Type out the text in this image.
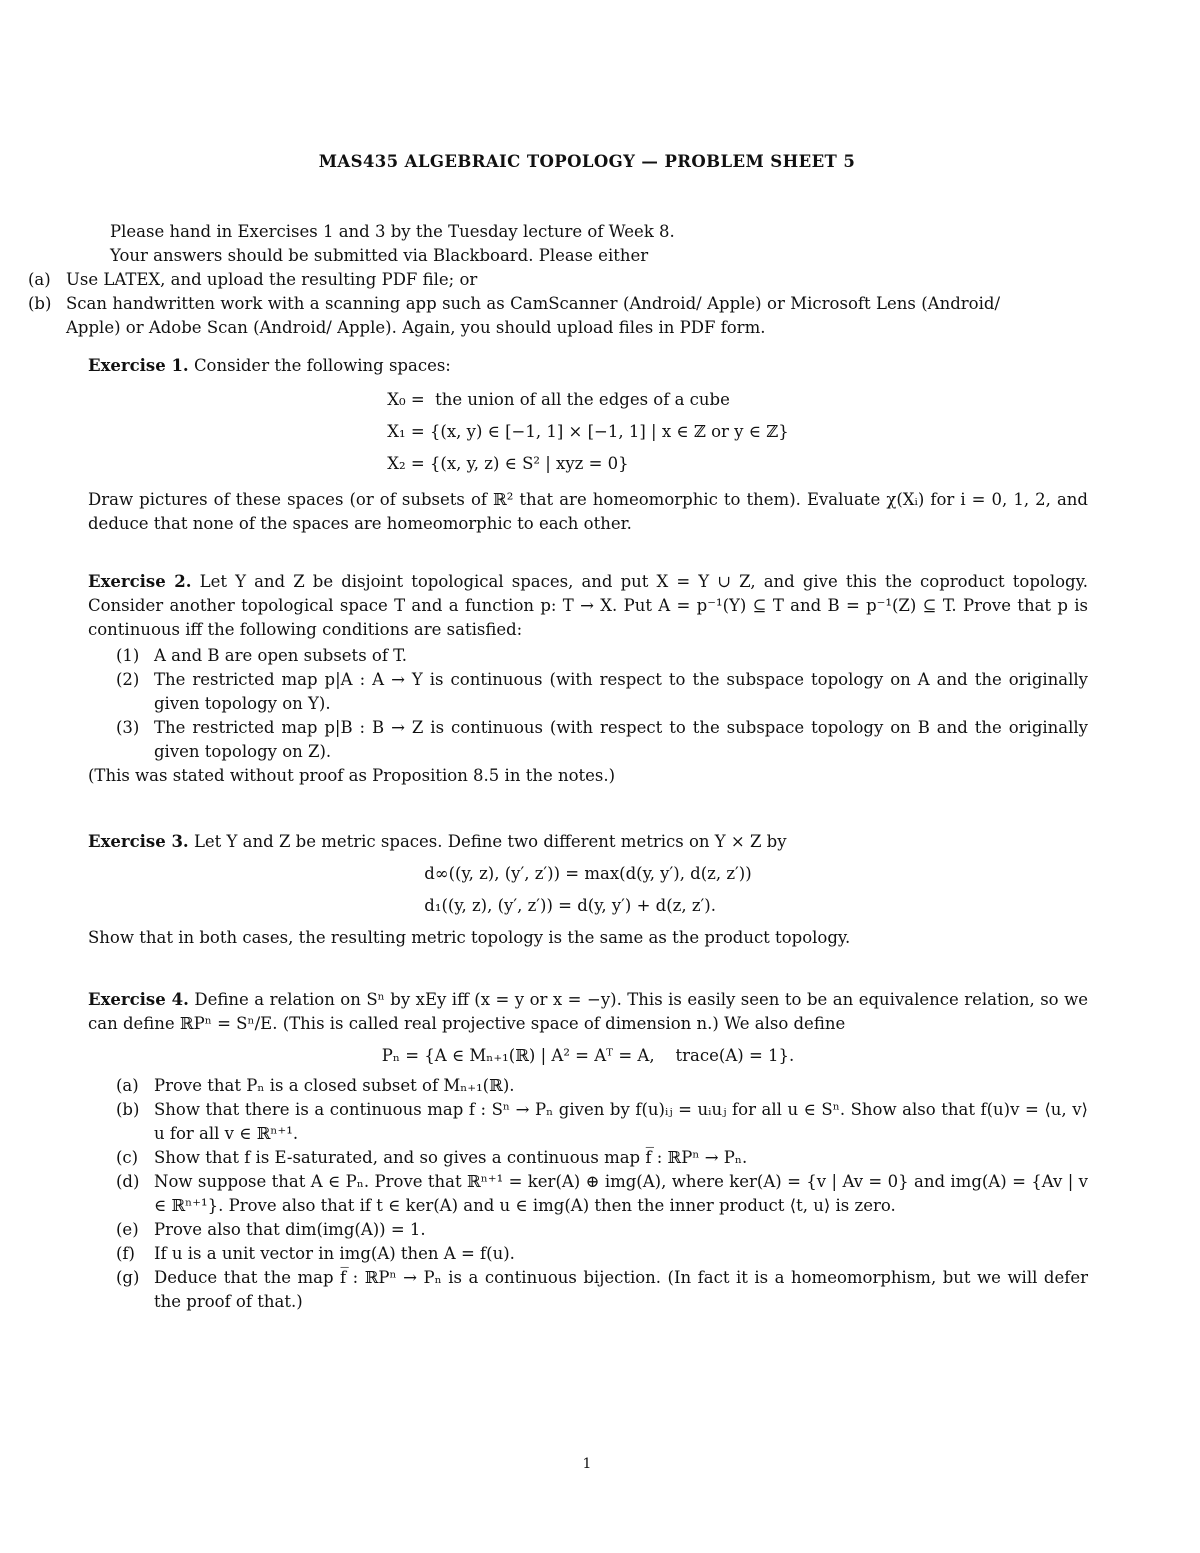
MAS435 ALGEBRAIC TOPOLOGY — PROBLEM SHEET 5

Please hand in Exercises 1 and 3 by the Tuesday lecture of Week 8.

Your answers should be submitted via Blackboard. Please either

(a) Use LATEX, and upload the resulting PDF file; or
(b) Scan handwritten work with a scanning app such as CamScanner (Android/ Apple) or Microsoft Lens (Android/ Apple) or Adobe Scan (Android/ Apple). Again, you should upload files in PDF form.

Exercise 1. Consider the following spaces:

X₀ =  the union of all the edges of a cube
X₁ = {(x, y) ∈ [−1, 1] × [−1, 1] | x ∈ ℤ or y ∈ ℤ}
X₂ = {(x, y, z) ∈ S² | xyz = 0}

Draw pictures of these spaces (or of subsets of ℝ² that are homeomorphic to them). Evaluate χ(Xᵢ) for i = 0, 1, 2, and deduce that none of the spaces are homeomorphic to each other.

Exercise 2. Let Y and Z be disjoint topological spaces, and put X = Y ∪ Z, and give this the coproduct topology. Consider another topological space T and a function p: T → X. Put A = p⁻¹(Y) ⊆ T and B = p⁻¹(Z) ⊆ T. Prove that p is continuous iff the following conditions are satisfied:

(1) A and B are open subsets of T.
(2) The restricted map p|A : A → Y is continuous (with respect to the subspace topology on A and the originally given topology on Y).
(3) The restricted map p|B : B → Z is continuous (with respect to the subspace topology on B and the originally given topology on Z).

(This was stated without proof as Proposition 8.5 in the notes.)

Exercise 3. Let Y and Z be metric spaces. Define two different metrics on Y × Z by

d∞((y, z), (y′, z′)) = max(d(y, y′), d(z, z′))
d₁((y, z), (y′, z′)) = d(y, y′) + d(z, z′).

Show that in both cases, the resulting metric topology is the same as the product topology.

Exercise 4. Define a relation on Sⁿ by xEy iff (x = y or x = −y). This is easily seen to be an equivalence relation, so we can define ℝPⁿ = Sⁿ/E. (This is called real projective space of dimension n.) We also define

Pₙ = {A ∈ Mₙ₊₁(ℝ) | A² = Aᵀ = A,    trace(A) = 1}.

(a) Prove that Pₙ is a closed subset of Mₙ₊₁(ℝ).
(b) Show that there is a continuous map f : Sⁿ → Pₙ given by f(u)ᵢⱼ = uᵢuⱼ for all u ∈ Sⁿ. Show also that f(u)v = ⟨u, v⟩u for all v ∈ ℝⁿ⁺¹.
(c) Show that f is E-saturated, and so gives a continuous map f̅ : ℝPⁿ → Pₙ.
(d) Now suppose that A ∈ Pₙ. Prove that ℝⁿ⁺¹ = ker(A) ⊕ img(A), where ker(A) = {v | Av = 0} and img(A) = {Av | v ∈ ℝⁿ⁺¹}. Prove also that if t ∈ ker(A) and u ∈ img(A) then the inner product ⟨t, u⟩ is zero.
(e) Prove also that dim(img(A)) = 1.
(f) If u is a unit vector in img(A) then A = f(u).
(g) Deduce that the map f̅ : ℝPⁿ → Pₙ is a continuous bijection. (In fact it is a homeomorphism, but we will defer the proof of that.)
1
